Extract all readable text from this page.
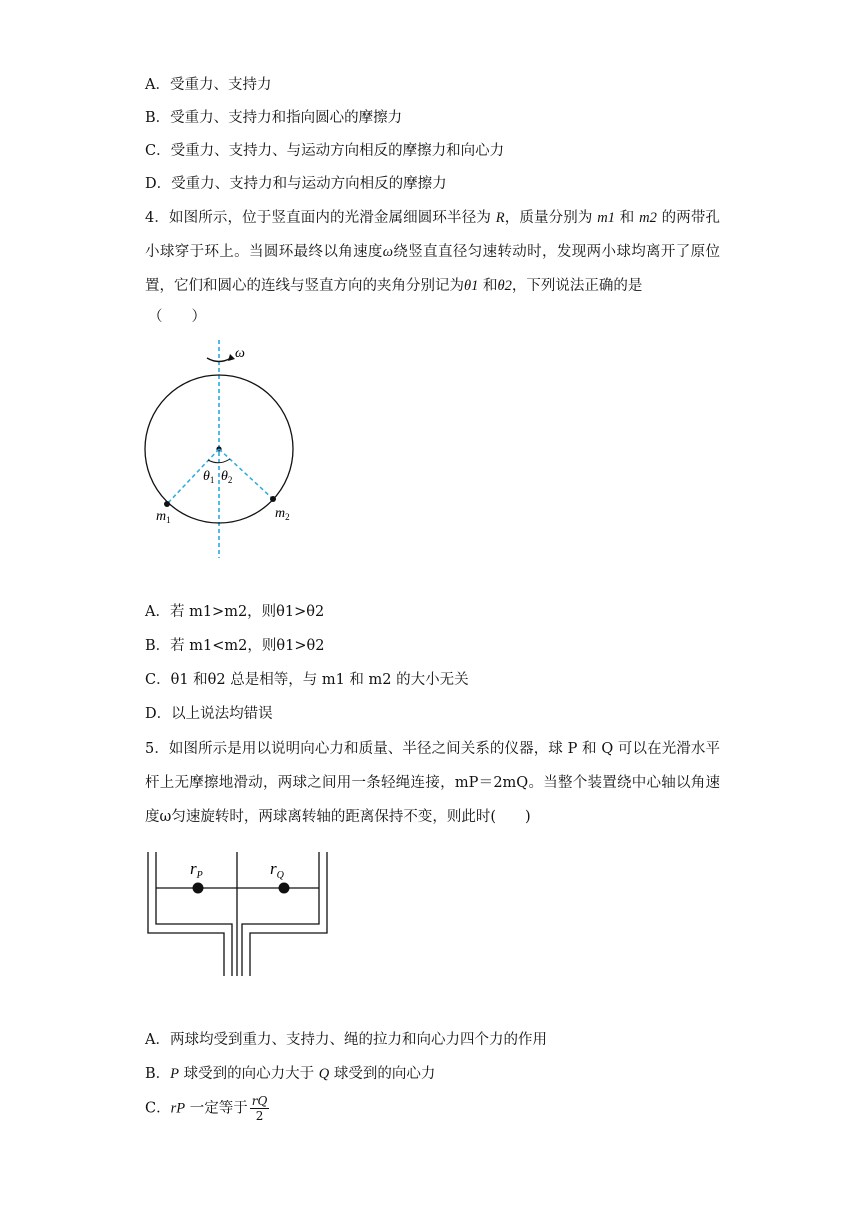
A．受重力、支持力
B．受重力、支持力和指向圆心的摩擦力
C．受重力、支持力、与运动方向相反的摩擦力和向心力
D．受重力、支持力和与运动方向相反的摩擦力
4．如图所示，位于竖直面内的光滑金属细圆环半径为 R，质量分别为 m1 和 m2 的两带孔小球穿于环上。当圆环最终以角速度ω绕竖直直径匀速转动时，发现两小球均离开了原位置，它们和圆心的连线与竖直方向的夹角分别记为θ1 和θ2，下列说法正确的是
（　　）
ω
$\theta_1$ $\theta_2$
$m_1$	$m_2$
A．若 m1>m2，则θ1>θ2
B．若 m1<m2，则θ1>θ2
C．θ1 和θ2 总是相等，与 m1 和 m2 的大小无关
D．以上说法均错误
5．如图所示是用以说明向心力和质量、半径之间关系的仪器，球 P 和 Q 可以在光滑水平杆上无摩擦地滑动，两球之间用一条轻绳连接，mP＝2mQ。当整个装置绕中心轴以角速度ω匀速旋转时，两球离转轴的距离保持不变，则此时(　　)
$r_P$	$r_Q$
A．两球均受到重力、支持力、绳的拉力和向心力四个力的作用
B．P 球受到的向心力大于 Q 球受到的向心力
C．rP 一定等于 $\frac{rQ}{2}$
